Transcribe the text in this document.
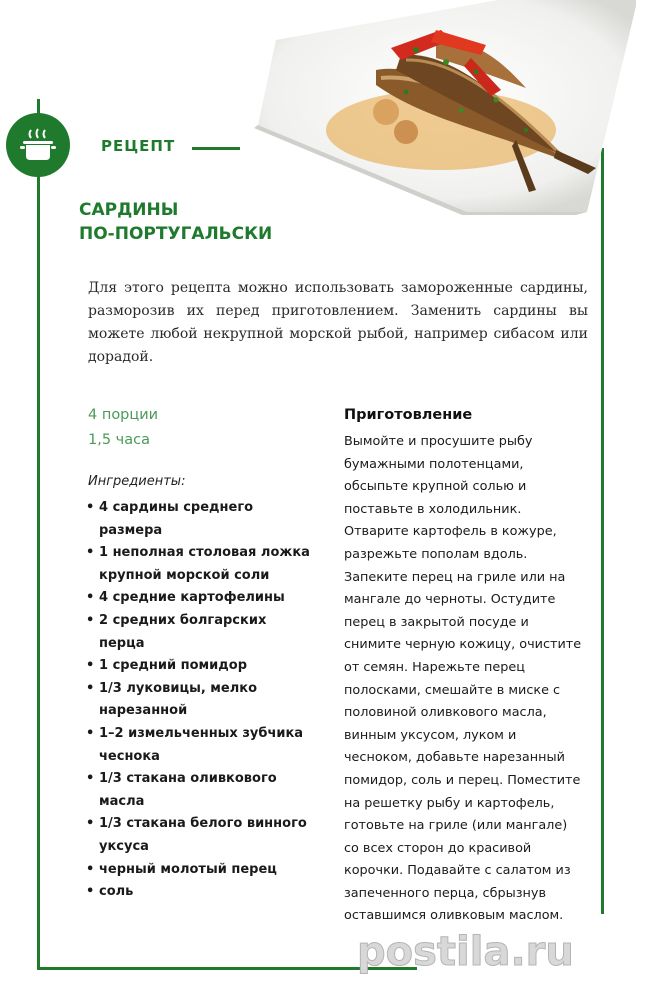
РЕЦЕПТ
САРДИНЫ
ПО-ПОРТУГАЛЬСКИ

Для этого рецепта можно использовать замороженные сардины, разморозив их перед приготовлением. Заменить сардины вы можете любой некрупной морской рыбой, например сибасом или дорадой.

4 порции
1,5 часа
Ингредиенты:
• 4 сардины среднего размера
• 1 неполная столовая ложка крупной морской соли
• 4 средние картофелины
• 2 средних болгарских перца
• 1 средний помидор
• 1/3 луковицы, мелко нарезанной
• 1–2 измельченных зубчика чеснока
• 1/3 стакана оливкового масла
• 1/3 стакана белого винного уксуса
• черный молотый перец
• соль
Приготовление

Вымойте и просушите рыбу бумажными полотенцами, обсыпьте крупной солью и поставьте в холодильник. Отварите картофель в кожуре, разрежьте пополам вдоль. Запеките перец на гриле или на мангале до черноты. Остудите перец в закрытой посуде и снимите черную кожицу, очистите от семян. Нарежьте перец полосками, смешайте в миске с половиной оливкового масла, винным уксусом, луком и чесноком, добавьте нарезанный помидор, соль и перец. Поместите на решетку рыбу и картофель, готовьте на гриле (или мангале) со всех сторон до красивой корочки. Подавайте с салатом из запеченного перца, сбрызнув оставшимся оливковым маслом.

postila.ru
